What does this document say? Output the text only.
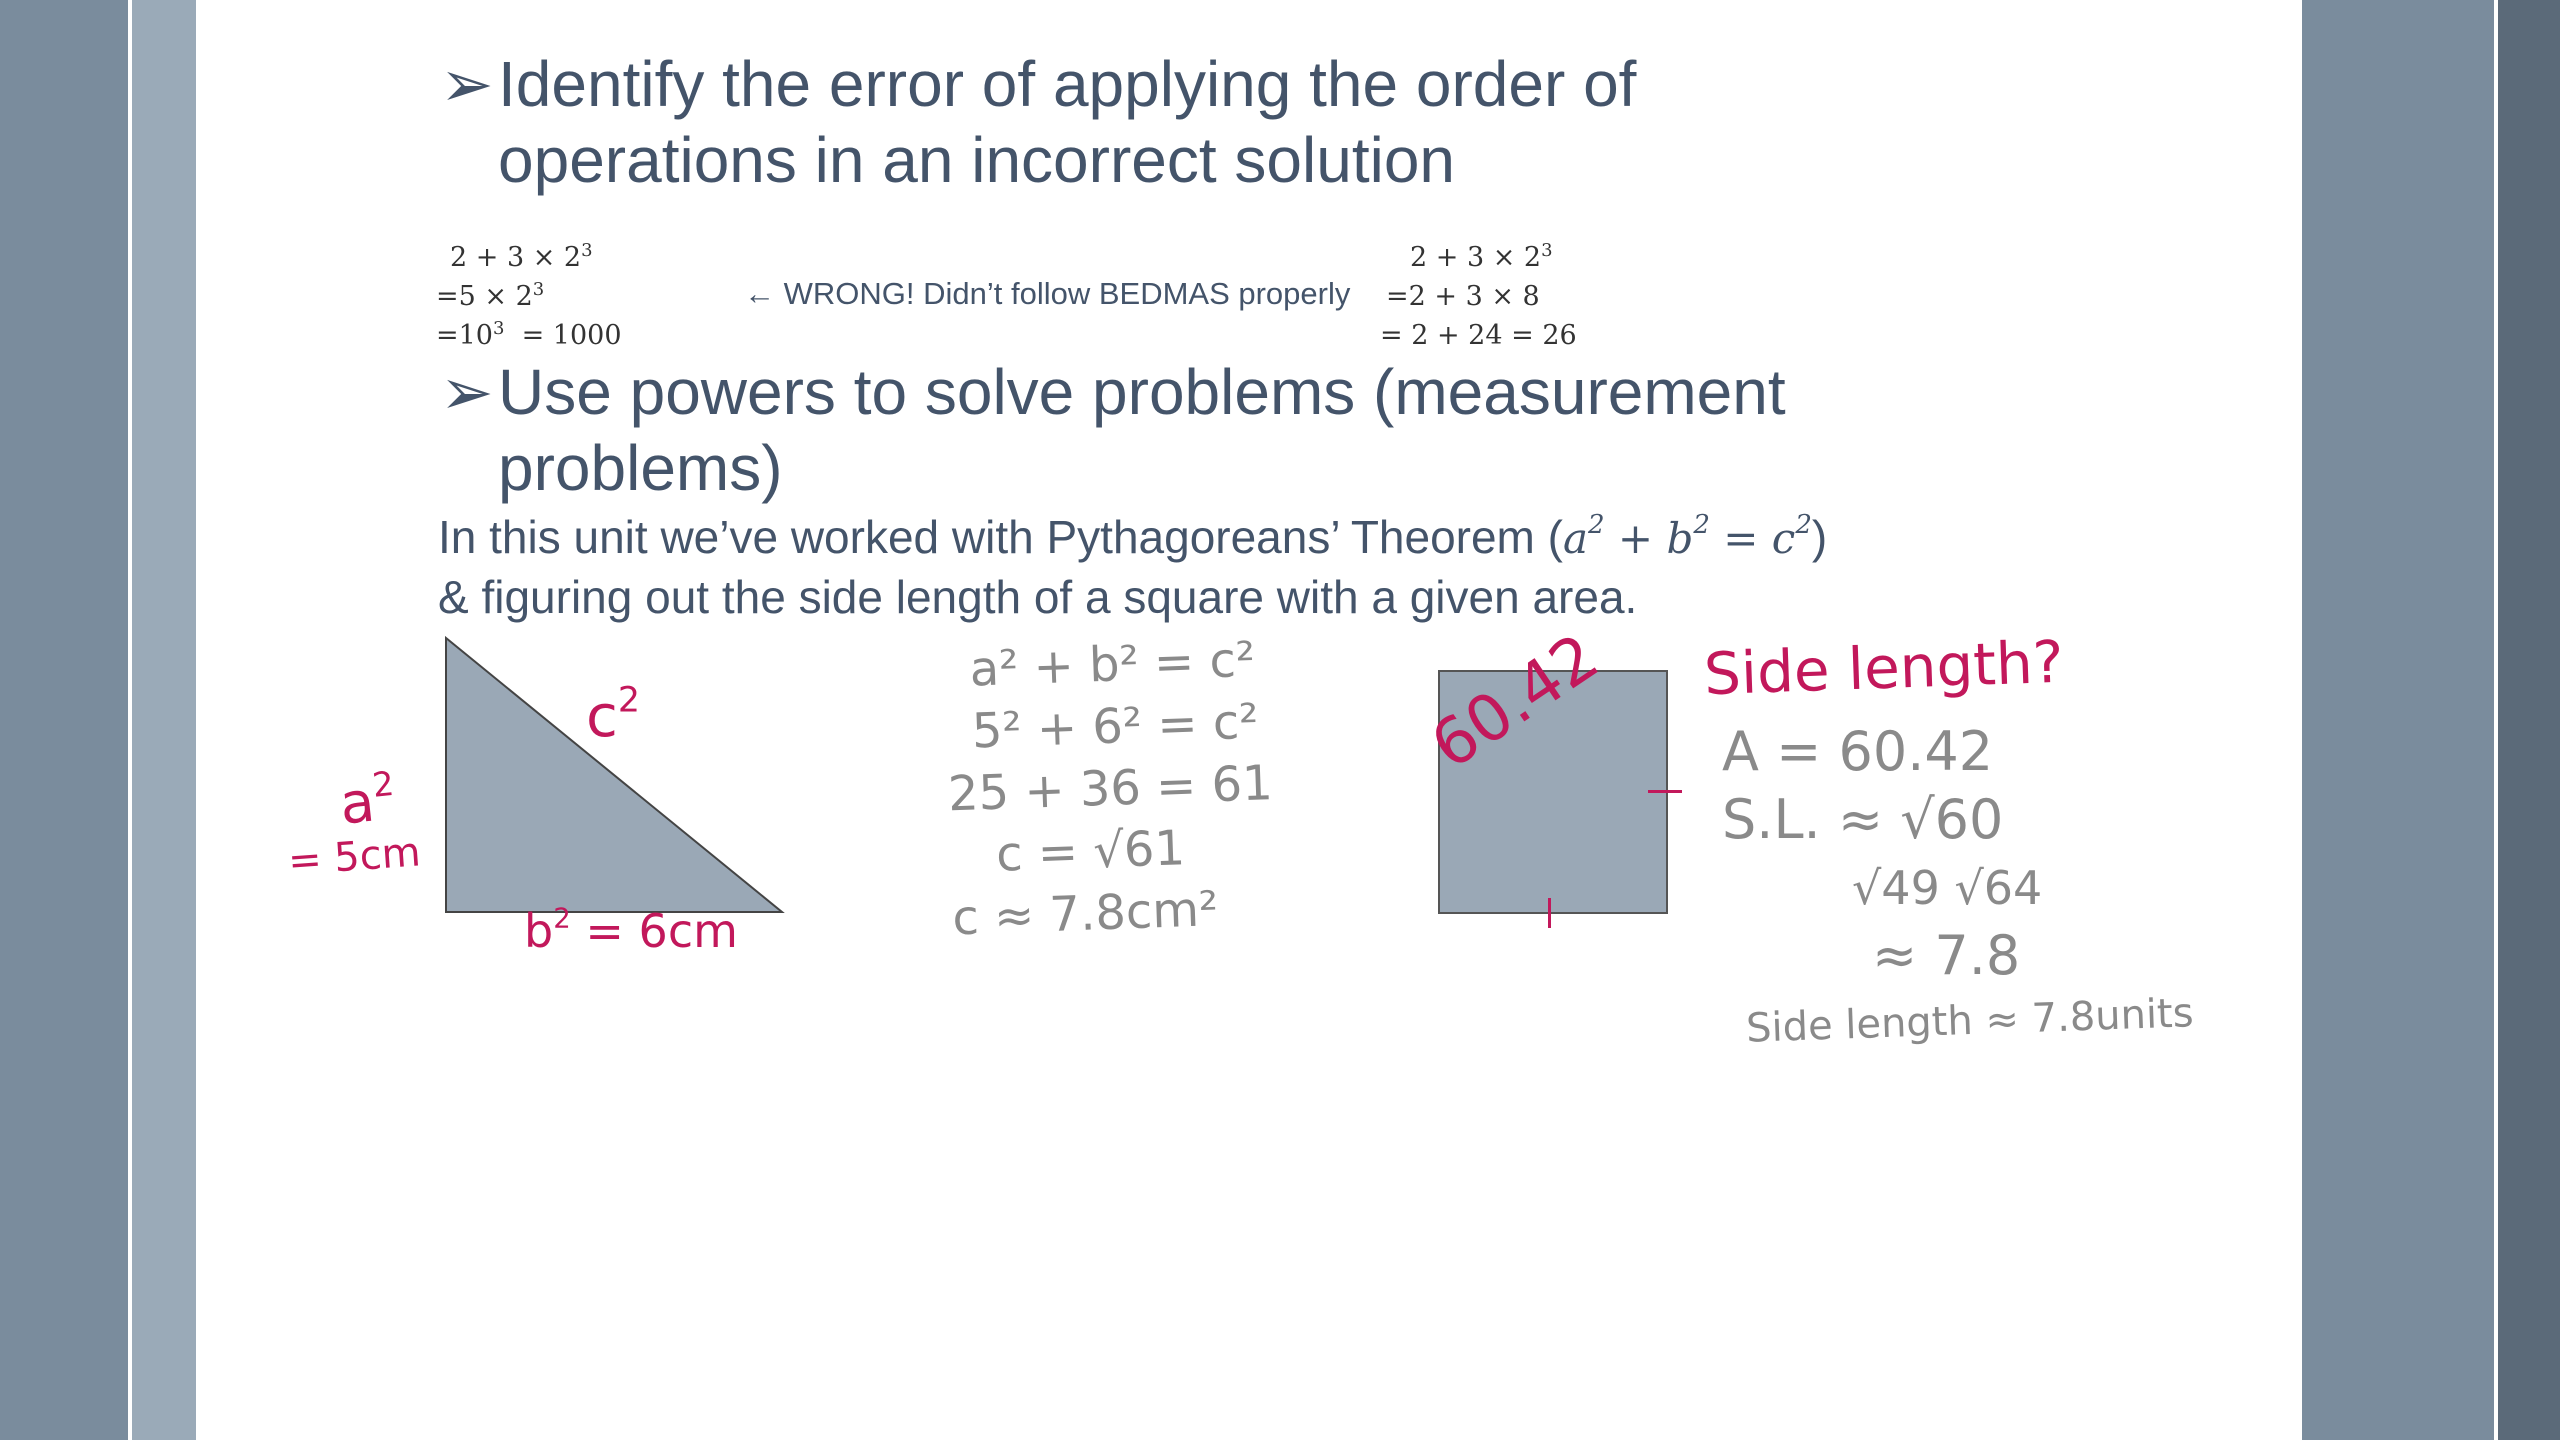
➢ Identify the error of applying the order of
operations in an incorrect solution
$2 + 3 \times 2^3$
$=5 \times 2^3$
$=10^3 = 1000$
← WRONG! Didn’t follow BEDMAS properly
$2 + 3 \times 2^3$
=2 + 3 × 8
= 2 + 24 = 26
➢ Use powers to solve problems (measurement
problems)
In this unit we’ve worked with Pythagoreans’ Theorem $(a^2 + b^2 = c^2)$
& figuring out the side length of a square with a given area.
$a^2$
= 5cm
$c^2$
$b^2 = 6cm$
a² + b² = c²
5² + 6² = c²
25 + 36 = 61
c = √61
c ≈ 7.8cm²
60.42 Side length?
A = 60.42
S.L. ≈ √60
√49 √64
≈ 7.8
Side length ≈ 7.8units
